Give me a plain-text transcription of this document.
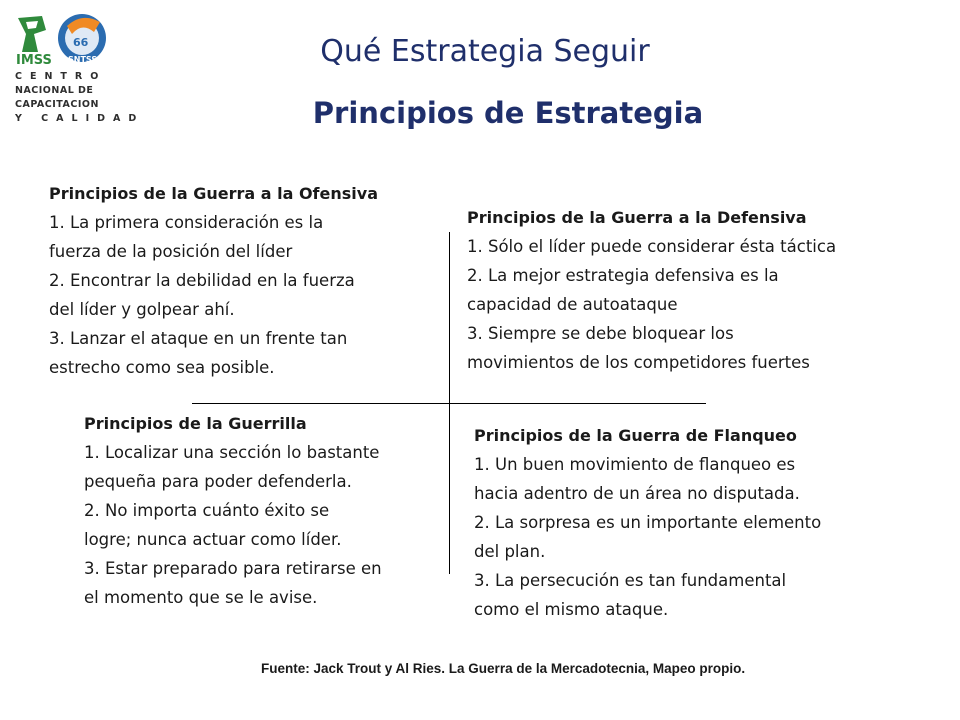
IMSS
66
SNTSS
CENTRO
NACIONAL DE
CAPACITACION
Y CALIDAD
Qué Estrategia Seguir
Principios de Estrategia
Principios de la Guerra a la Ofensiva
1. La primera consideración es la
fuerza de la posición del líder
2. Encontrar la debilidad en la fuerza
del líder y golpear ahí.
3. Lanzar el ataque en un frente tan
estrecho como sea posible.
Principios de la Guerra a la Defensiva
1. Sólo el líder puede considerar ésta táctica
2. La mejor estrategia defensiva es la
capacidad de autoataque
3. Siempre se debe bloquear los
movimientos de los competidores fuertes
Principios de la Guerrilla
1. Localizar una sección lo bastante
pequeña para poder defenderla.
2. No importa cuánto éxito se
logre; nunca actuar como líder.
3. Estar preparado para retirarse en
el momento que se le avise.
Principios de la Guerra de Flanqueo
1. Un buen movimiento de flanqueo es
hacia adentro de un área no disputada.
2. La sorpresa es un importante elemento
del plan.
3. La persecución es tan fundamental
como el mismo ataque.
Fuente: Jack Trout y Al Ries. La Guerra de la Mercadotecnia, Mapeo propio.
